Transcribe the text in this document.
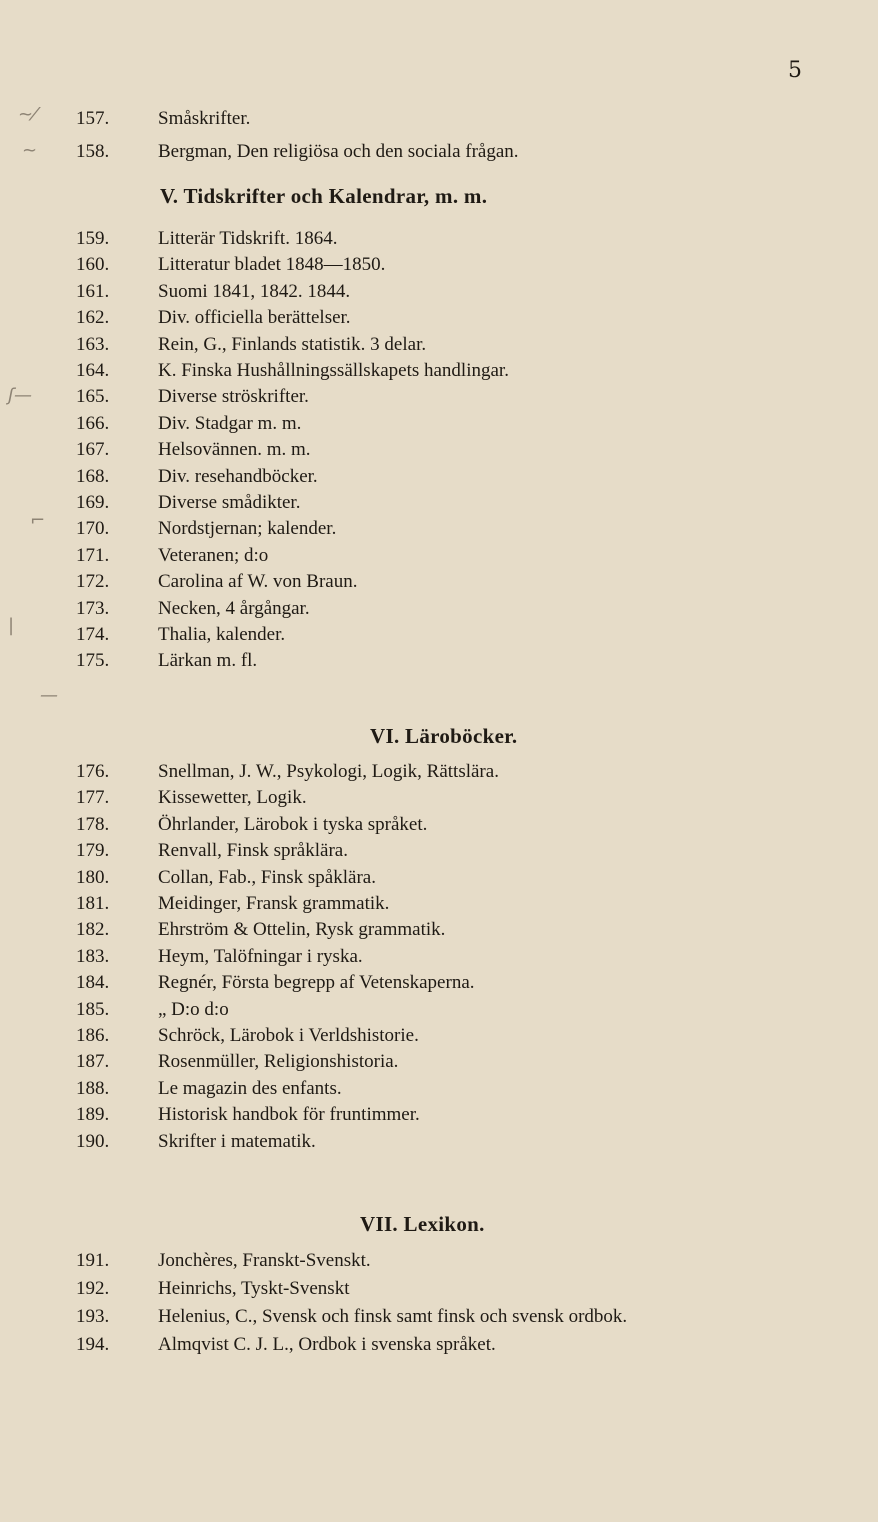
5
~⁄
~
ʃ—
⌐
|
—
157.	Småskrifter.
158.	Bergman, Den religiösa och den sociala frågan.
V. Tidskrifter och Kalendrar, m. m.
159.	Litterär Tidskrift. 1864.
160.	Litteratur bladet 1848—1850.
161.	Suomi 1841, 1842. 1844.
162.	Div. officiella berättelser.
163.	Rein, G., Finlands statistik. 3 delar.
164.	K. Finska Hushållningssällskapets handlingar.
165.	Diverse ströskrifter.
166.	Div. Stadgar m. m.
167.	Helsovännen. m. m.
168.	Div. resehandböcker.
169.	Diverse smådikter.
170.	Nordstjernan; kalender.
171.	Veteranen; d:o
172.	Carolina af W. von Braun.
173.	Necken, 4 årgångar.
174.	Thalia, kalender.
175.	Lärkan m. fl.
VI. Läroböcker.
176.	Snellman, J. W., Psykologi, Logik, Rättslära.
177.	Kissewetter, Logik.
178.	Öhrlander, Lärobok i tyska språket.
179.	Renvall, Finsk språklära.
180.	Collan, Fab., Finsk spåklära.
181.	Meidinger, Fransk grammatik.
182.	Ehrström & Ottelin, Rysk grammatik.
183.	Heym, Talöfningar i ryska.
184.	Regnér, Första begrepp af Vetenskaperna.
185.	„ D:o d:o
186.	Schröck, Lärobok i Verldshistorie.
187.	Rosenmüller, Religionshistoria.
188.	Le magazin des enfants.
189.	Historisk handbok för fruntimmer.
190.	Skrifter i matematik.
VII. Lexikon.
191.	Jonchères, Franskt-Svenskt.
192.	Heinrichs, Tyskt-Svenskt
193.	Helenius, C., Svensk och finsk samt finsk och svensk ordbok.
194.	Almqvist C. J. L., Ordbok i svenska språket.
